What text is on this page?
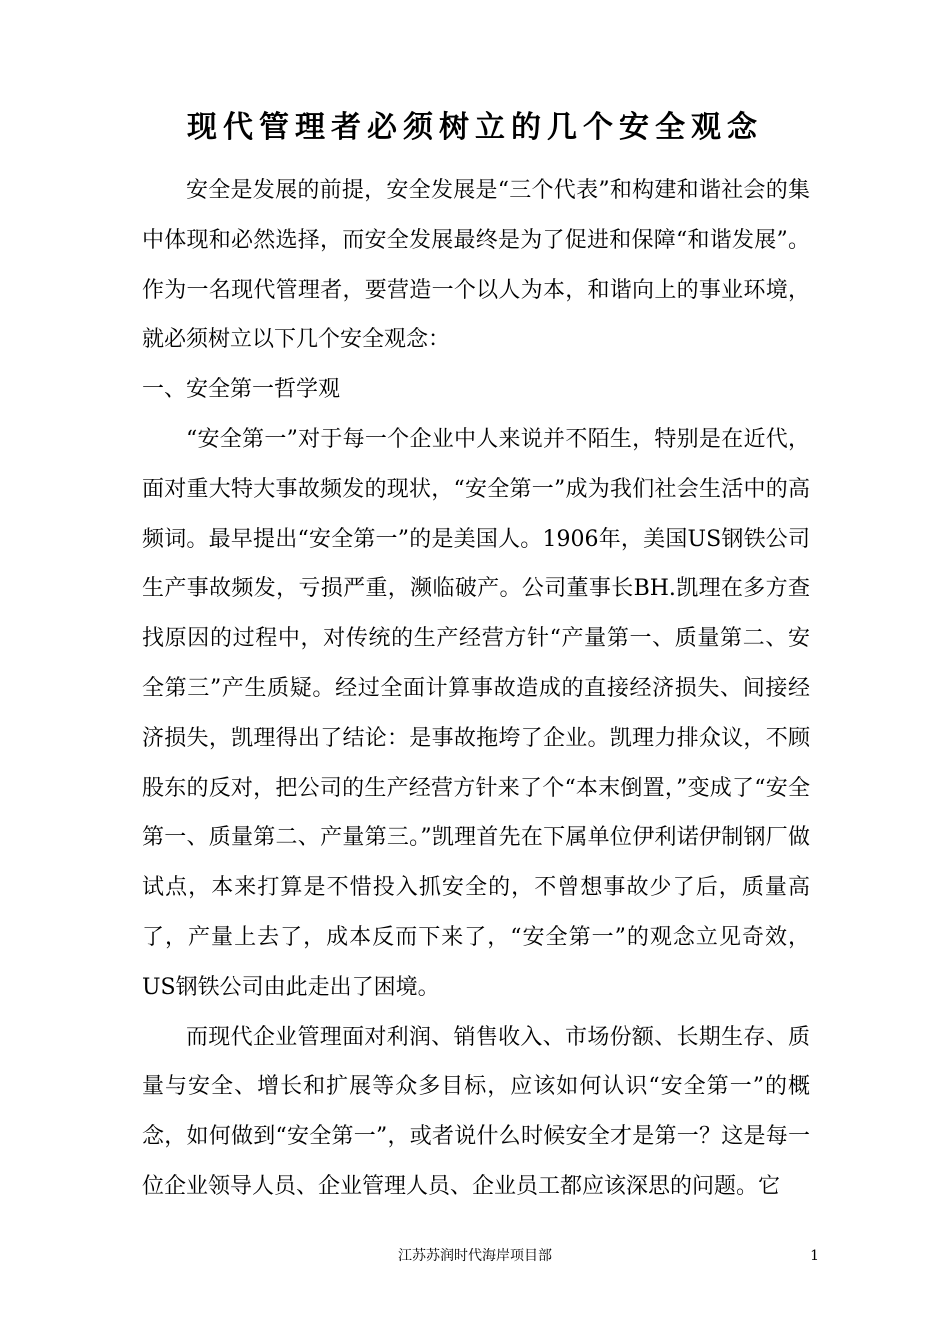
现代管理者必须树立的几个安全观念

安全是发展的前提，安全发展是“三个代表”和构建和谐社会的集中体现和必然选择，而安全发展最终是为了促进和保障“和谐发展”。作为一名现代管理者，要营造一个以人为本，和谐向上的事业环境，就必须树立以下几个安全观念：

一、安全第一哲学观

“安全第一”对于每一个企业中人来说并不陌生，特别是在近代，面对重大特大事故频发的现状，“安全第一”成为我们社会生活中的高频词。最早提出“安全第一”的是美国人。1906年，美国US钢铁公司生产事故频发，亏损严重，濒临破产。公司董事长BH.凯理在多方查找原因的过程中，对传统的生产经营方针“产量第一、质量第二、安全第三”产生质疑。经过全面计算事故造成的直接经济损失、间接经济损失，凯理得出了结论：是事故拖垮了企业。凯理力排众议，不顾股东的反对，把公司的生产经营方针来了个“本末倒置，”变成了“安全第一、质量第二、产量第三。”凯理首先在下属单位伊利诺伊制钢厂做试点，本来打算是不惜投入抓安全的，不曾想事故少了后，质量高了，产量上去了，成本反而下来了，“安全第一”的观念立见奇效，US钢铁公司由此走出了困境。

而现代企业管理面对利润、销售收入、市场份额、长期生存、质量与安全、增长和扩展等众多目标，应该如何认识“安全第一”的概念，如何做到“安全第一”，或者说什么时候安全才是第一？这是每一位企业领导人员、企业管理人员、企业员工都应该深思的问题。它

江苏苏润时代海岸项目部	1
